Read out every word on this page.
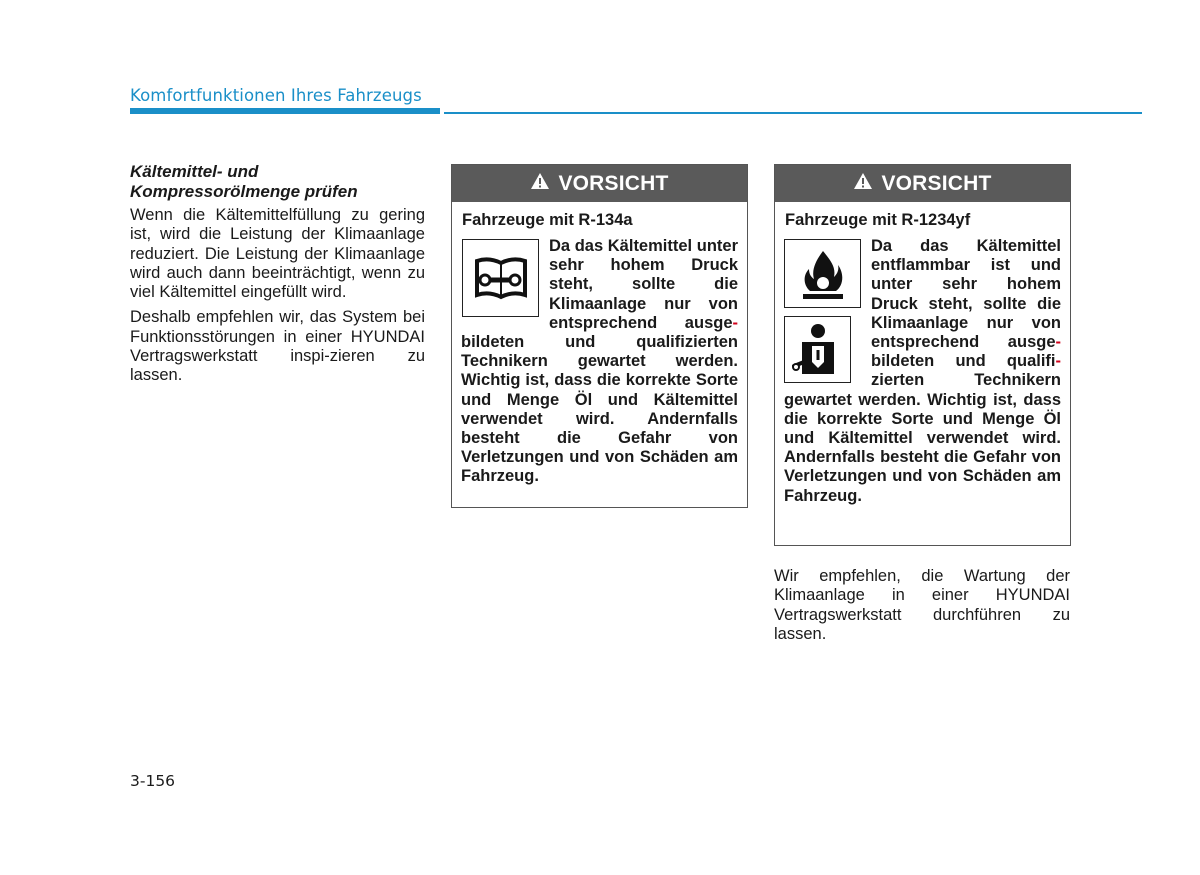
Komfortfunktionen Ihres Fahrzeugs

Kältemittel- und
Kompressorölmenge prüfen

Wenn die Kältemittelfüllung zu gering ist, wird die Leistung der Klimaanlage reduziert. Die Leistung der Klimaanlage wird auch dann beeinträchtigt, wenn zu viel Kältemittel eingefüllt wird.

Deshalb empfehlen wir, das System bei Funktionsstörungen in einer HYUNDAI Vertragswerkstatt inspi-zieren zu lassen.

VORSICHT

Fahrzeuge mit R-134a

Da das Kältemittel unter sehr hohem Druck steht, sollte die Klimaanlage nur von entsprechend ausge-bildeten und qualifizierten Technikern gewartet werden. Wichtig ist, dass die korrekte Sorte und Menge Öl und Kältemittel verwendet wird. Andernfalls besteht die Gefahr von Verletzungen und von Schäden am Fahrzeug.

VORSICHT

Fahrzeuge mit R-1234yf

Da das Kältemittel entflammbar ist und unter sehr hohem Druck steht, sollte die Klimaanlage nur von entsprechend ausge-bildeten und qualifi-zierten Technikern gewartet werden. Wichtig ist, dass die korrekte Sorte und Menge Öl und Kältemittel verwendet wird. Andernfalls besteht die Gefahr von Verletzungen und von Schäden am Fahrzeug.

Wir empfehlen, die Wartung der Klimaanlage in einer HYUNDAI Vertragswerkstatt durchführen zu lassen.

3-156
